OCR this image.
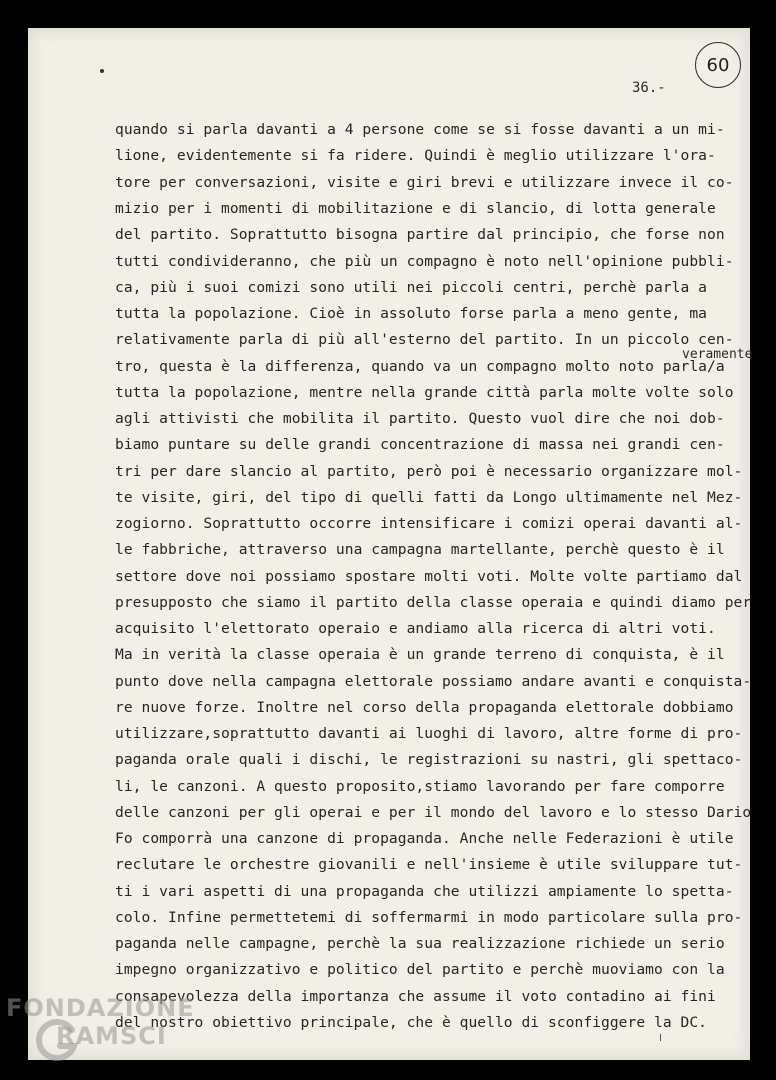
60
36.-
veramente
quando si parla davanti a 4 persone come se si fosse davanti a un mi-
lione, evidentemente si fa ridere. Quindi è meglio utilizzare l'ora-
tore per conversazioni, visite e giri brevi e utilizzare invece il co-
mizio per i momenti di mobilitazione e di slancio, di lotta generale
del partito. Soprattutto bisogna partire dal principio, che forse non
tutti condivideranno, che più un compagno è noto nell'opinione pubbli-
ca, più i suoi comizi sono utili nei piccoli centri, perchè parla a
tutta la popolazione. Cioè in assoluto forse parla a meno gente, ma
relativamente parla di più all'esterno del partito. In un piccolo cen-
tro, questa è la differenza, quando va un compagno molto noto parla/a
tutta la popolazione, mentre nella grande città parla molte volte solo
agli attivisti che mobilita il partito. Questo vuol dire che noi dob-
biamo puntare su delle grandi concentrazione di massa nei grandi cen-
tri per dare slancio al partito, però poi è necessario organizzare mol-
te visite, giri, del tipo di quelli fatti da Longo ultimamente nel Mez-
zogiorno. Soprattutto occorre intensificare i comizi operai davanti al-
le fabbriche, attraverso una campagna martellante, perchè questo è il
settore dove noi possiamo spostare molti voti. Molte volte partiamo dal
presupposto che siamo il partito della classe operaia e quindi diamo per
acquisito l'elettorato operaio e andiamo alla ricerca di altri voti.
Ma in verità la classe operaia è un grande terreno di conquista, è il
punto dove nella campagna elettorale possiamo andare avanti e conquista-
re nuove forze. Inoltre nel corso della propaganda elettorale dobbiamo
utilizzare,soprattutto davanti ai luoghi di lavoro, altre forme di pro-
paganda orale quali i dischi, le registrazioni su nastri, gli spettaco-
li, le canzoni. A questo proposito,stiamo lavorando per fare comporre
delle canzoni per gli operai e per il mondo del lavoro e lo stesso Dario
Fo comporrà una canzone di propaganda. Anche nelle Federazioni è utile
reclutare le orchestre giovanili e nell'insieme è utile sviluppare tut-
ti i vari aspetti di una propaganda che utilizzi ampiamente lo spetta-
colo. Infine permettetemi di soffermarmi in modo particolare sulla pro-
paganda nelle campagne, perchè la sua realizzazione richiede un serio
impegno organizzativo e politico del partito e perchè muoviamo con la
consapevolezza della importanza che assume il voto contadino ai fini
del nostro obiettivo principale, che è quello di sconfiggere la DC.
FONDAZIONE
RAMSCI
